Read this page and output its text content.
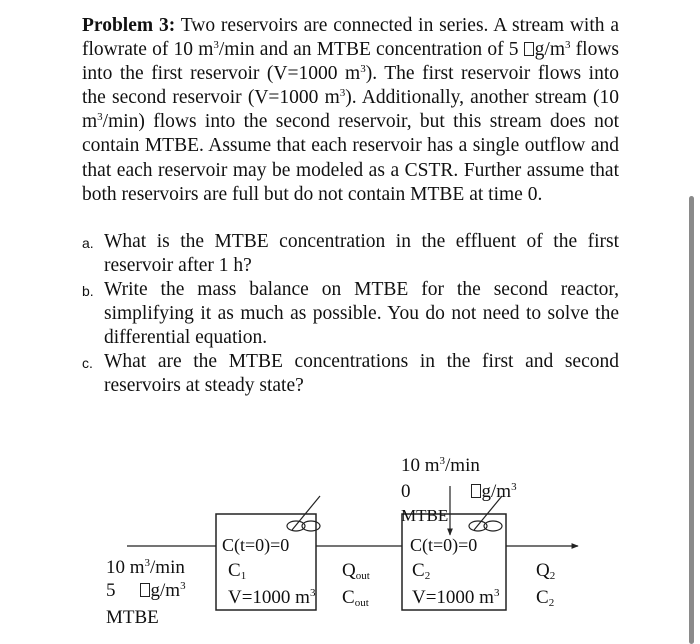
Problem 3: Two reservoirs are connected in series. A stream with a flowrate of 10 $m^3/\min$ and an MTBE concentration of 5 $g/m^3$ flows into the first reservoir (V=1000 $m^3$). The first reservoir flows into the second reservoir (V=1000 $m^3$). Additionally, another stream (10 $m^3/\min$) flows into the second reservoir, but this stream does not contain MTBE. Assume that each reservoir has a single outflow and that each reservoir may be modeled as a CSTR. Further assume that both reservoirs are full but do not contain MTBE at time 0.

a. What is the MTBE concentration in the effluent of the first reservoir after 1 h?
b. Write the mass balance on MTBE for the second reactor, simplifying it as much as possible. You do not need to solve the differential equation.
c. What are the MTBE concentrations in the first and second reservoirs at steady state?
10 $m^3/\min$
5 $g/m^3$
MTBE
C(t=0)=0
$C_1$
V=1000 $m^3$
$Q_{out}$
$C_{out}$
10 $m^3/\min$
0	$g/m^3$
MTBE
C(t=0)=0
$C_2$
V=1000 $m^3$
$Q_2$
$C_2$
